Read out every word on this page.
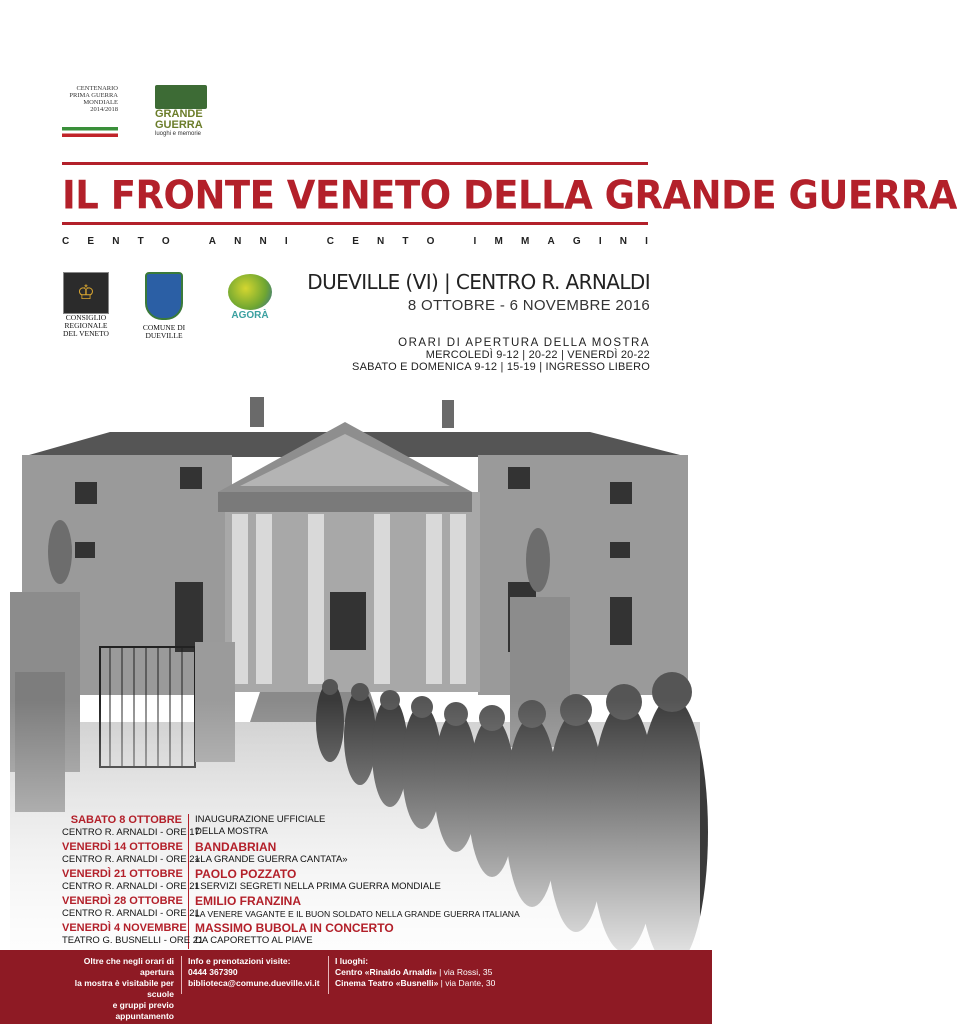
CENTENARIO
PRIMA GUERRA
MONDIALE
2014/2018	GRANDE
GUERRA
luoghi e memorie
IL FRONTE VENETO DELLA GRANDE GUERRA
C E N T O
	A N N I
	C E N T O
	I M M A G I N I
♔
CONSIGLIO
REGIONALE
DEL VENETO
COMUNE DI
DUEVILLE
AGORÀ
DUEVILLE (VI) | CENTRO R. ARNALDI
8 OTTOBRE - 6 NOVEMBRE 2016
ORARI DI APERTURA DELLA MOSTRA
MERCOLEDÌ 9-12 | 20-22 | VENERDÌ 20-22
SABATO E DOMENICA 9-12 | 15-19 | INGRESSO LIBERO
SABATO 8 OTTOBRE
CENTRO R. ARNALDI - ORE 17
INAUGURAZIONE UFFICIALE
DELLA MOSTRA
VENERDÌ 14 OTTOBRE
CENTRO R. ARNALDI - ORE 21
BANDABRIAN
«LA GRANDE GUERRA CANTATA»
VENERDÌ 21 OTTOBRE
CENTRO R. ARNALDI - ORE 21
PAOLO POZZATO
I SERVIZI SEGRETI NELLA PRIMA GUERRA MONDIALE
VENERDÌ 28 OTTOBRE
CENTRO R. ARNALDI - ORE 21
EMILIO FRANZINA
LA VENERE VAGANTE E IL BUON SOLDATO NELLA GRANDE GUERRA ITALIANA
VENERDÌ 4 NOVEMBRE
TEATRO G. BUSNELLI - ORE 21
MASSIMO BUBOLA IN CONCERTO
DA CAPORETTO AL PIAVE
Oltre che negli orari di apertura
la mostra è visitabile per scuole
e gruppi previo appuntamento
Info e prenotazioni visite:
0444 367390
biblioteca@comune.dueville.vi.it
I luoghi:
Centro «Rinaldo Arnaldi» | via Rossi, 35
Cinema Teatro «Busnelli» | via Dante, 30
